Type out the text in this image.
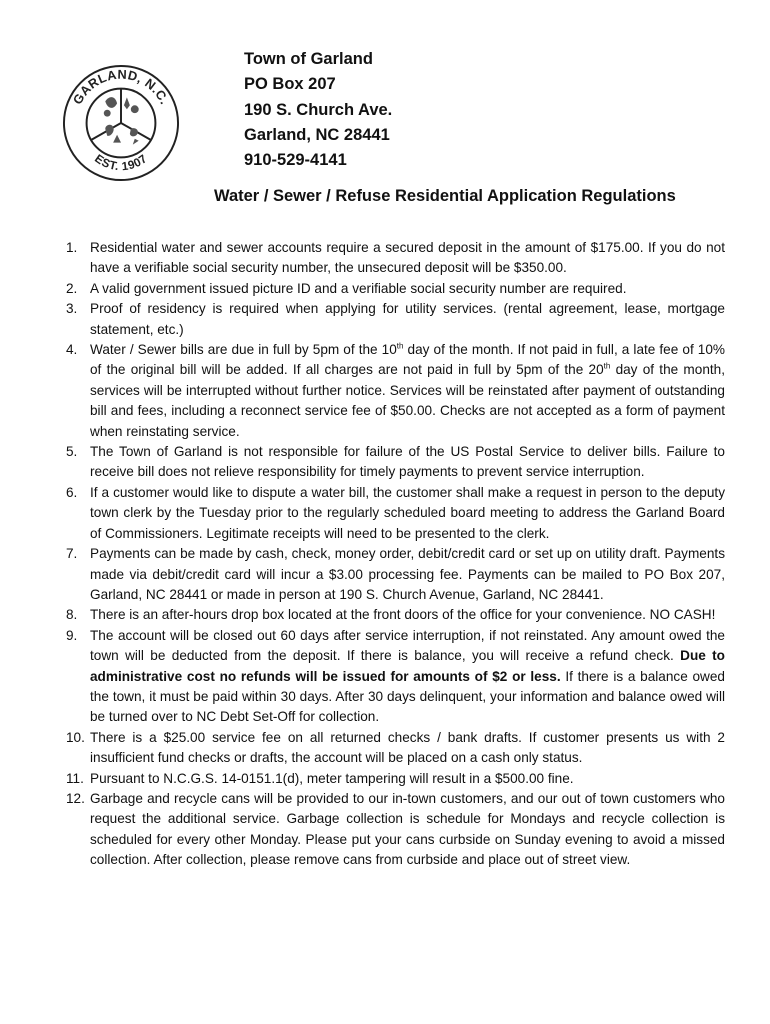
GARLAND, N.C.
EST. 1907
Town of Garland
PO Box 207
190 S. Church Ave.
Garland, NC 28441
910-529-4141
Water / Sewer / Refuse Residential Application Regulations
1. Residential water and sewer accounts require a secured deposit in the amount of $175.00. If you do not have a verifiable social security number, the unsecured deposit will be $350.00.
2. A valid government issued picture ID and a verifiable social security number are required.
3. Proof of residency is required when applying for utility services. (rental agreement, lease, mortgage statement, etc.)
4. Water / Sewer bills are due in full by 5pm of the 10th day of the month. If not paid in full, a late fee of 10% of the original bill will be added. If all charges are not paid in full by 5pm of the 20th day of the month, services will be interrupted without further notice. Services will be reinstated after payment of outstanding bill and fees, including a reconnect service fee of $50.00. Checks are not accepted as a form of payment when reinstating service.
5. The Town of Garland is not responsible for failure of the US Postal Service to deliver bills. Failure to receive bill does not relieve responsibility for timely payments to prevent service interruption.
6. If a customer would like to dispute a water bill, the customer shall make a request in person to the deputy town clerk by the Tuesday prior to the regularly scheduled board meeting to address the Garland Board of Commissioners. Legitimate receipts will need to be presented to the clerk.
7. Payments can be made by cash, check, money order, debit/credit card or set up on utility draft. Payments made via debit/credit card will incur a $3.00 processing fee. Payments can be mailed to PO Box 207, Garland, NC 28441 or made in person at 190 S. Church Avenue, Garland, NC 28441.
8. There is an after-hours drop box located at the front doors of the office for your convenience. NO CASH!
9. The account will be closed out 60 days after service interruption, if not reinstated. Any amount owed the town will be deducted from the deposit. If there is balance, you will receive a refund check. Due to administrative cost no refunds will be issued for amounts of $2 or less. If there is a balance owed the town, it must be paid within 30 days. After 30 days delinquent, your information and balance owed will be turned over to NC Debt Set-Off for collection.
10. There is a $25.00 service fee on all returned checks / bank drafts. If customer presents us with 2 insufficient fund checks or drafts, the account will be placed on a cash only status.
11. Pursuant to N.C.G.S. 14-0151.1(d), meter tampering will result in a $500.00 fine.
12. Garbage and recycle cans will be provided to our in-town customers, and our out of town customers who request the additional service. Garbage collection is schedule for Mondays and recycle collection is scheduled for every other Monday. Please put your cans curbside on Sunday evening to avoid a missed collection. After collection, please remove cans from curbside and place out of street view.
